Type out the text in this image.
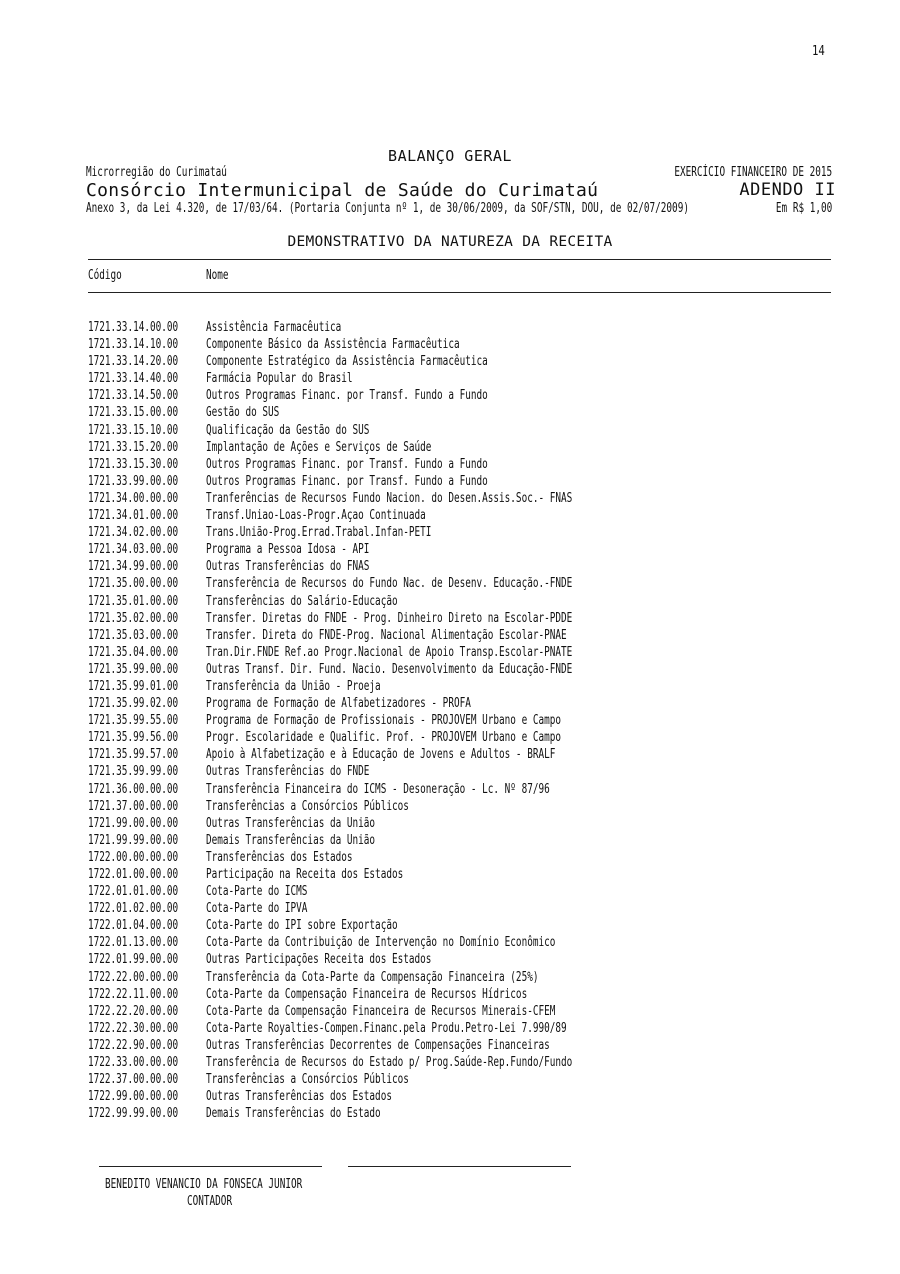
14
BALANÇO GERAL
Microrregião do Curimataú	EXERCÍCIO FINANCEIRO DE 2015
Consórcio Intermunicipal de Saúde do Curimataú	ADENDO II
Anexo 3, da Lei 4.320, de 17/03/64. (Portaria Conjunta nº 1, de 30/06/2009, da SOF/STN, DOU, de 02/07/2009)	Em R$ 1,00
DEMONSTRATIVO DA NATUREZA DA RECEITA
Código	Nome
1721.33.14.00.00 Assistência Farmacêutica
1721.33.14.10.00 Componente Básico da Assistência Farmacêutica
1721.33.14.20.00 Componente Estratégico da Assistência Farmacêutica
1721.33.14.40.00 Farmácia Popular do Brasil
1721.33.14.50.00 Outros Programas Financ. por Transf. Fundo a Fundo
1721.33.15.00.00 Gestão do SUS
1721.33.15.10.00 Qualificação da Gestão do SUS
1721.33.15.20.00 Implantação de Ações e Serviços de Saúde
1721.33.15.30.00 Outros Programas Financ. por Transf. Fundo a Fundo
1721.33.99.00.00 Outros Programas Financ. por Transf. Fundo a Fundo
1721.34.00.00.00 Tranferências de Recursos Fundo Nacion. do Desen.Assis.Soc.- FNAS
1721.34.01.00.00 Transf.Uniao-Loas-Progr.Açao Continuada
1721.34.02.00.00 Trans.União-Prog.Errad.Trabal.Infan-PETI
1721.34.03.00.00 Programa a Pessoa Idosa - API
1721.34.99.00.00 Outras Transferências do FNAS
1721.35.00.00.00 Transferência de Recursos do Fundo Nac. de Desenv. Educação.-FNDE
1721.35.01.00.00 Transferências do Salário-Educação
1721.35.02.00.00 Transfer. Diretas do FNDE - Prog. Dinheiro Direto na Escolar-PDDE
1721.35.03.00.00 Transfer. Direta do FNDE-Prog. Nacional Alimentação Escolar-PNAE
1721.35.04.00.00 Tran.Dir.FNDE Ref.ao Progr.Nacional de Apoio Transp.Escolar-PNATE
1721.35.99.00.00 Outras Transf. Dir. Fund. Nacio. Desenvolvimento da Educação-FNDE
1721.35.99.01.00 Transferência da União - Proeja
1721.35.99.02.00 Programa de Formação de Alfabetizadores - PROFA
1721.35.99.55.00 Programa de Formação de Profissionais - PROJOVEM Urbano e Campo
1721.35.99.56.00 Progr. Escolaridade e Qualific. Prof. - PROJOVEM Urbano e Campo
1721.35.99.57.00 Apoio à Alfabetização e à Educação de Jovens e Adultos - BRALF
1721.35.99.99.00 Outras Transferências do FNDE
1721.36.00.00.00 Transferência Financeira do ICMS - Desoneração - Lc. Nº 87/96
1721.37.00.00.00 Transferências a Consórcios Públicos
1721.99.00.00.00 Outras Transferências da União
1721.99.99.00.00 Demais Transferências da União
1722.00.00.00.00 Transferências dos Estados
1722.01.00.00.00 Participação na Receita dos Estados
1722.01.01.00.00 Cota-Parte do ICMS
1722.01.02.00.00 Cota-Parte do IPVA
1722.01.04.00.00 Cota-Parte do IPI sobre Exportação
1722.01.13.00.00 Cota-Parte da Contribuição de Intervenção no Domínio Econômico
1722.01.99.00.00 Outras Participações Receita dos Estados
1722.22.00.00.00 Transferência da Cota-Parte da Compensação Financeira (25%)
1722.22.11.00.00 Cota-Parte da Compensação Financeira de Recursos Hídricos
1722.22.20.00.00 Cota-Parte da Compensação Financeira de Recursos Minerais-CFEM
1722.22.30.00.00 Cota-Parte Royalties-Compen.Financ.pela Produ.Petro-Lei 7.990/89
1722.22.90.00.00 Outras Transferências Decorrentes de Compensações Financeiras
1722.33.00.00.00 Transferência de Recursos do Estado p/ Prog.Saúde-Rep.Fundo/Fundo
1722.37.00.00.00 Transferências a Consórcios Públicos
1722.99.00.00.00 Outras Transferências dos Estados
1722.99.99.00.00 Demais Transferências do Estado
BENEDITO VENANCIO DA FONSECA JUNIOR
CONTADOR
